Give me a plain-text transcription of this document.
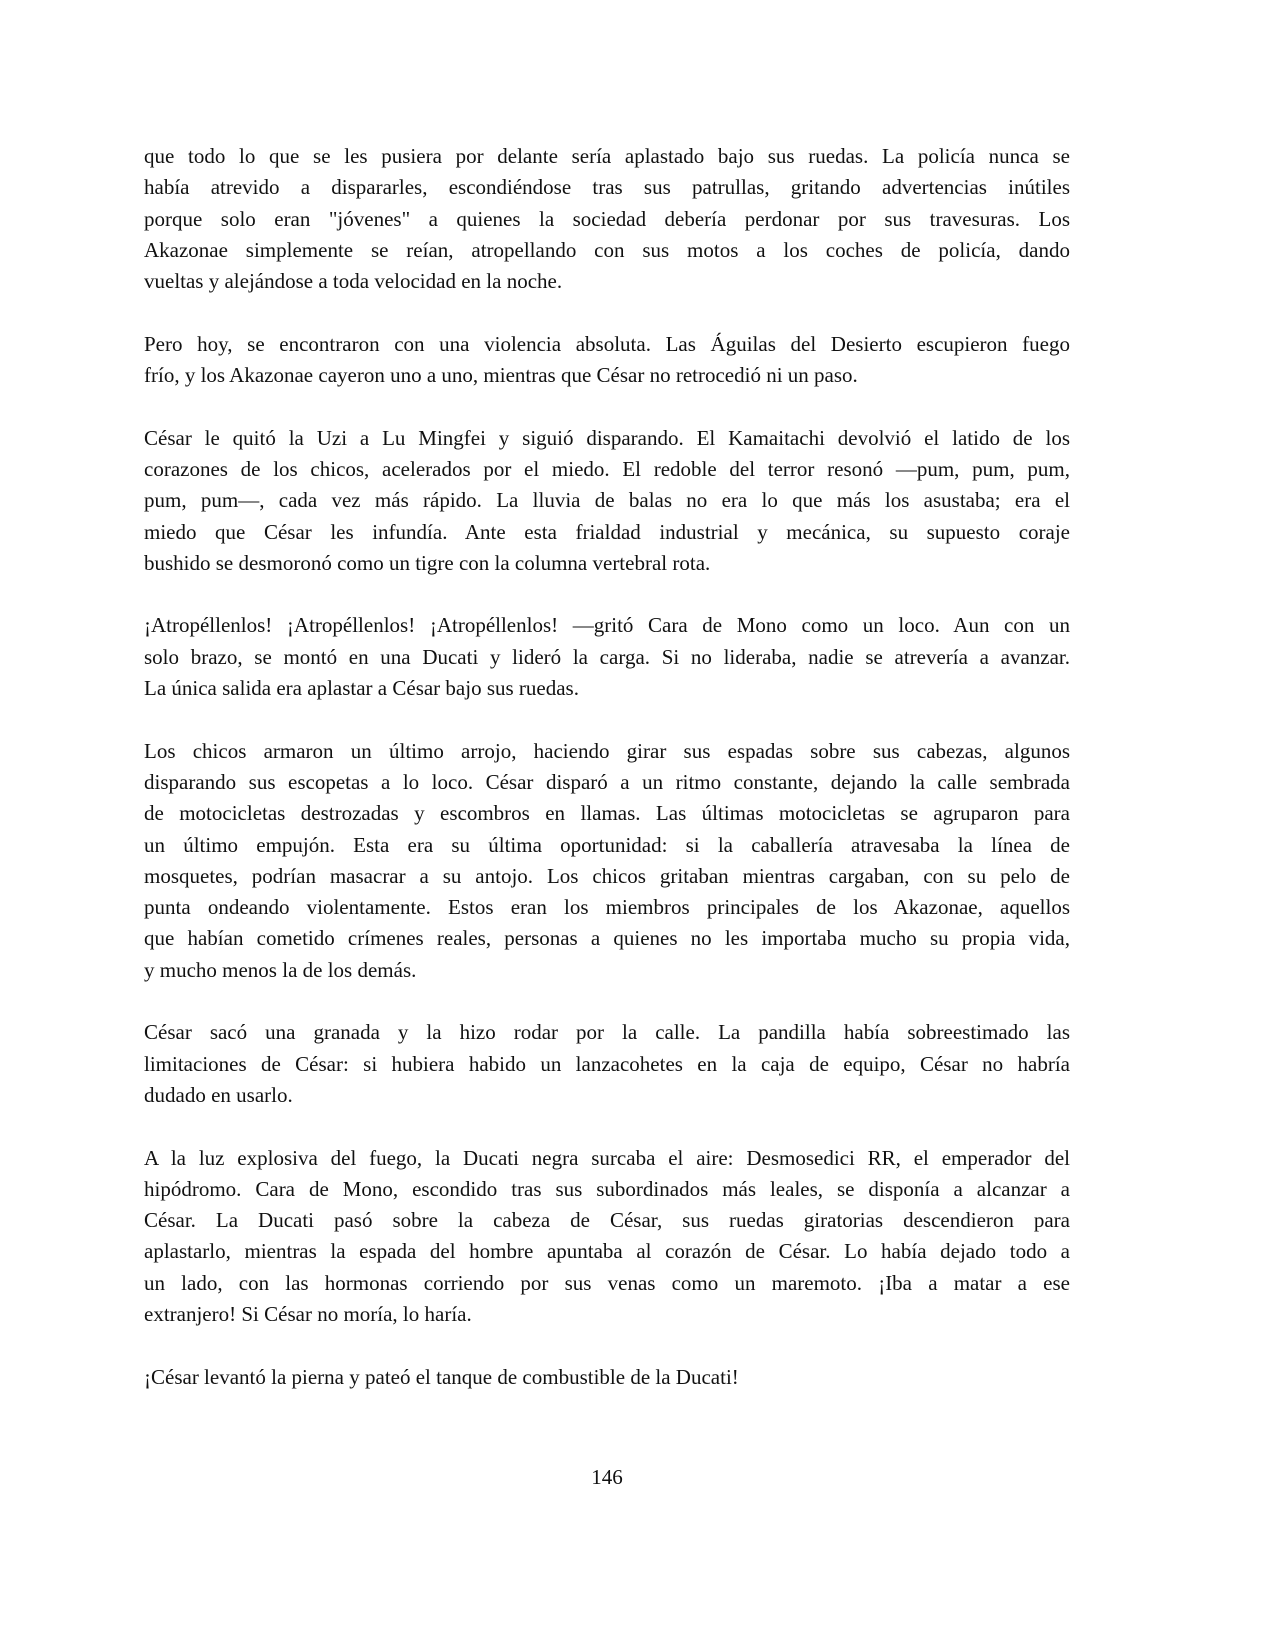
que todo lo que se les pusiera por delante sería aplastado bajo sus ruedas. La policía nunca se
había atrevido a dispararles, escondiéndose tras sus patrullas, gritando advertencias inútiles
porque solo eran "jóvenes" a quienes la sociedad debería perdonar por sus travesuras. Los
Akazonae simplemente se reían, atropellando con sus motos a los coches de policía, dando
vueltas y alejándose a toda velocidad en la noche.
Pero hoy, se encontraron con una violencia absoluta. Las Águilas del Desierto escupieron fuego
frío, y los Akazonae cayeron uno a uno, mientras que César no retrocedió ni un paso.
César le quitó la Uzi a Lu Mingfei y siguió disparando. El Kamaitachi devolvió el latido de los
corazones de los chicos, acelerados por el miedo. El redoble del terror resonó —pum, pum, pum,
pum, pum—, cada vez más rápido. La lluvia de balas no era lo que más los asustaba; era el
miedo que César les infundía. Ante esta frialdad industrial y mecánica, su supuesto coraje
bushido se desmoronó como un tigre con la columna vertebral rota.
¡Atropéllenlos! ¡Atropéllenlos! ¡Atropéllenlos! —gritó Cara de Mono como un loco. Aun con un
solo brazo, se montó en una Ducati y lideró la carga. Si no lideraba, nadie se atrevería a avanzar.
La única salida era aplastar a César bajo sus ruedas.
Los chicos armaron un último arrojo, haciendo girar sus espadas sobre sus cabezas, algunos
disparando sus escopetas a lo loco. César disparó a un ritmo constante, dejando la calle sembrada
de motocicletas destrozadas y escombros en llamas. Las últimas motocicletas se agruparon para
un último empujón. Esta era su última oportunidad: si la caballería atravesaba la línea de
mosquetes, podrían masacrar a su antojo. Los chicos gritaban mientras cargaban, con su pelo de
punta ondeando violentamente. Estos eran los miembros principales de los Akazonae, aquellos
que habían cometido crímenes reales, personas a quienes no les importaba mucho su propia vida,
y mucho menos la de los demás.
César sacó una granada y la hizo rodar por la calle. La pandilla había sobreestimado las
limitaciones de César: si hubiera habido un lanzacohetes en la caja de equipo, César no habría
dudado en usarlo.
A la luz explosiva del fuego, la Ducati negra surcaba el aire: Desmosedici RR, el emperador del
hipódromo. Cara de Mono, escondido tras sus subordinados más leales, se disponía a alcanzar a
César. La Ducati pasó sobre la cabeza de César, sus ruedas giratorias descendieron para
aplastarlo, mientras la espada del hombre apuntaba al corazón de César. Lo había dejado todo a
un lado, con las hormonas corriendo por sus venas como un maremoto. ¡Iba a matar a ese
extranjero! Si César no moría, lo haría.
¡César levantó la pierna y pateó el tanque de combustible de la Ducati!
146
